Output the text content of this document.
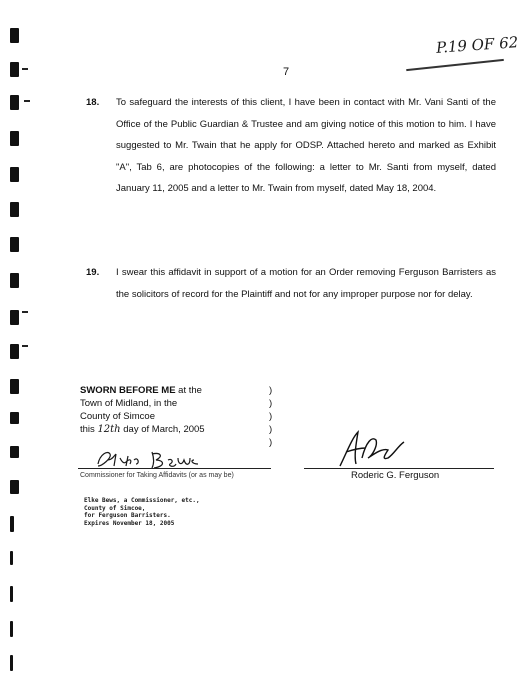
P.19 OF 62
7
18. To safeguard the interests of this client, I have been in contact with Mr. Vani Santi of the Office of the Public Guardian & Trustee and am giving notice of this motion to him. I have suggested to Mr. Twain that he apply for ODSP. Attached hereto and marked as Exhibit "A", Tab 6, are photocopies of the following: a letter to Mr. Santi from myself, dated January 11, 2005 and a letter to Mr. Twain from myself, dated May 18, 2004.
19. I swear this affidavit in support of a motion for an Order removing Ferguson Barristers as the solicitors of record for the Plaintiff and not for any improper purpose nor for delay.
SWORN BEFORE ME at the
Town of Midland, in the
County of Simcoe
this 12th day of March, 2005
)
)
)
)
)
Commissioner for Taking Affidavits (or as may be)	Roderic G. Ferguson
Elke Bews, a Commissioner, etc.,
County of Simcoe,
for Ferguson Barristers.
Expires November 18, 2005
